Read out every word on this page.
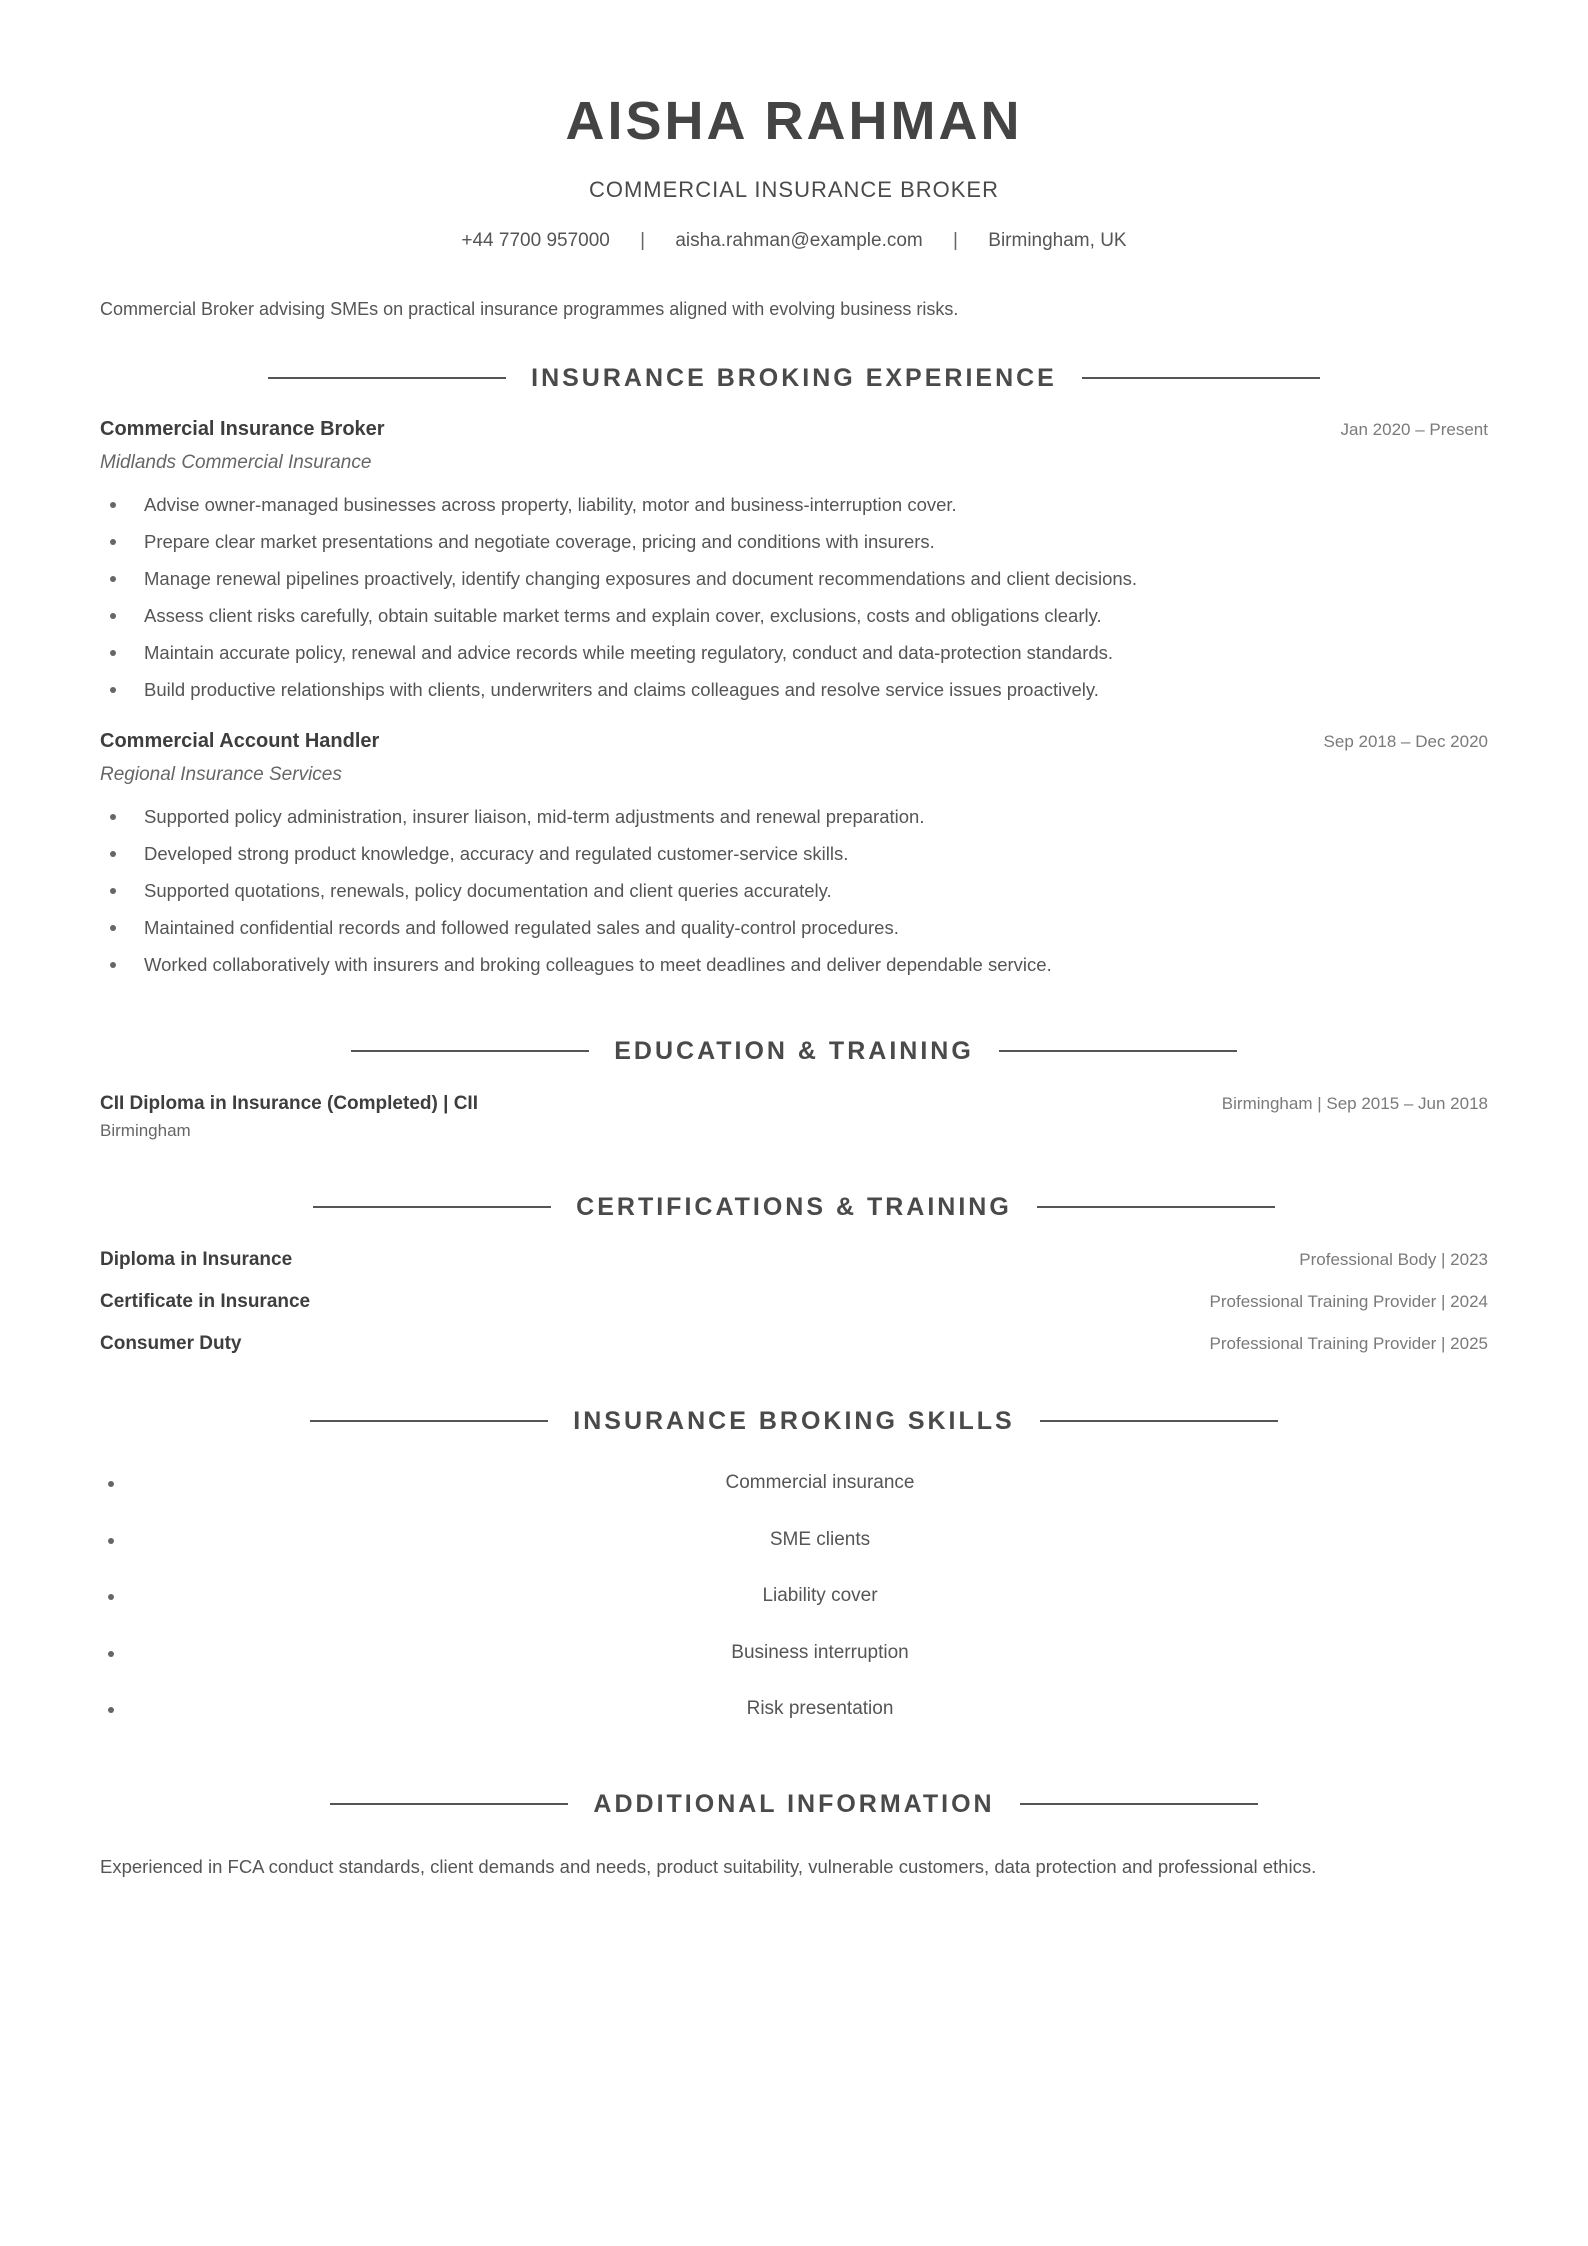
AISHA RAHMAN
COMMERCIAL INSURANCE BROKER
+44 7700 957000 | aisha.rahman@example.com | Birmingham, UK
Commercial Broker advising SMEs on practical insurance programmes aligned with evolving business risks.
INSURANCE BROKING EXPERIENCE
Commercial Insurance Broker	Jan 2020 – Present
Midlands Commercial Insurance
Advise owner-managed businesses across property, liability, motor and business-interruption cover.
Prepare clear market presentations and negotiate coverage, pricing and conditions with insurers.
Manage renewal pipelines proactively, identify changing exposures and document recommendations and client decisions.
Assess client risks carefully, obtain suitable market terms and explain cover, exclusions, costs and obligations clearly.
Maintain accurate policy, renewal and advice records while meeting regulatory, conduct and data-protection standards.
Build productive relationships with clients, underwriters and claims colleagues and resolve service issues proactively.
Commercial Account Handler	Sep 2018 – Dec 2020
Regional Insurance Services
Supported policy administration, insurer liaison, mid-term adjustments and renewal preparation.
Developed strong product knowledge, accuracy and regulated customer-service skills.
Supported quotations, renewals, policy documentation and client queries accurately.
Maintained confidential records and followed regulated sales and quality-control procedures.
Worked collaboratively with insurers and broking colleagues to meet deadlines and deliver dependable service.
EDUCATION & TRAINING
CII Diploma in Insurance (Completed) | CII	Birmingham | Sep 2015 – Jun 2018
Birmingham
CERTIFICATIONS & TRAINING
Diploma in Insurance	Professional Body | 2023
Certificate in Insurance	Professional Training Provider | 2024
Consumer Duty	Professional Training Provider | 2025
INSURANCE BROKING SKILLS
Commercial insurance
SME clients
Liability cover
Business interruption
Risk presentation
ADDITIONAL INFORMATION
Experienced in FCA conduct standards, client demands and needs, product suitability, vulnerable customers, data protection and professional ethics.
